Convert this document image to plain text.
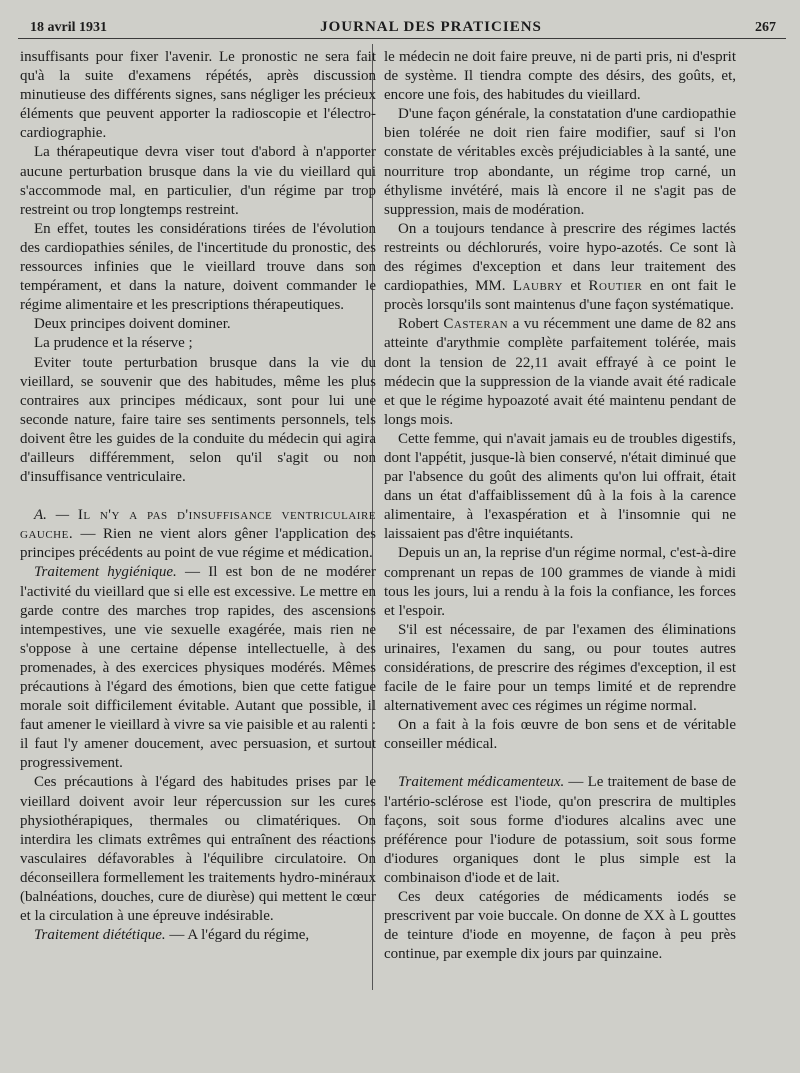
18 avril 1931	JOURNAL DES PRATICIENS	267

insuffisants pour fixer l'avenir. Le pronostic ne sera fait qu'à la suite d'examens répétés, après discussion minutieuse des différents signes, sans négliger les précieux éléments que peuvent apporter la radioscopie et l'électro-cardiographie.

La thérapeutique devra viser tout d'abord à n'apporter aucune perturbation brusque dans la vie du vieillard qui s'accommode mal, en particulier, d'un régime par trop restreint ou trop longtemps restreint.

En effet, toutes les considérations tirées de l'évolution des cardiopathies séniles, de l'incertitude du pronostic, des ressources infinies que le vieillard trouve dans son tempérament, et dans la nature, doivent commander le régime alimentaire et les prescriptions thérapeutiques.

Deux principes doivent dominer.

La prudence et la réserve ;

Eviter toute perturbation brusque dans la vie du vieillard, se souvenir que des habitudes, même les plus contraires aux principes médicaux, sont pour lui une seconde nature, faire taire ses sentiments personnels, tels doivent être les guides de la conduite du médecin qui agira d'ailleurs différemment, selon qu'il s'agit ou non d'insuffisance ventriculaire.

A. — Il n'y a pas d'insuffisance ventriculaire gauche. — Rien ne vient alors gêner l'application des principes précédents au point de vue régime et médication.

Traitement hygiénique. — Il est bon de ne modérer l'activité du vieillard que si elle est excessive. Le mettre en garde contre des marches trop rapides, des ascensions intempestives, une vie sexuelle exagérée, mais rien ne s'oppose à une certaine dépense intellectuelle, à des promenades, à des exercices physiques modérés. Mêmes précautions à l'égard des émotions, bien que cette fatigue morale soit difficilement évitable. Autant que possible, il faut amener le vieillard à vivre sa vie paisible et au ralenti : il faut l'y amener doucement, avec persuasion, et surtout progressivement.

Ces précautions à l'égard des habitudes prises par le vieillard doivent avoir leur répercussion sur les cures physiothérapiques, thermales ou climatériques. On interdira les climats extrêmes qui entraînent des réactions vasculaires défavorables à l'équilibre circulatoire. On déconseillera formellement les traitements hydro-minéraux (balnéations, douches, cure de diurèse) qui mettent le cœur et la circulation à une épreuve indésirable.

Traitement diététique. — A l'égard du régime,

le médecin ne doit faire preuve, ni de parti pris, ni d'esprit de système. Il tiendra compte des désirs, des goûts, et, encore une fois, des habitudes du vieillard.

D'une façon générale, la constatation d'une cardiopathie bien tolérée ne doit rien faire modifier, sauf si l'on constate de véritables excès préjudiciables à la santé, une nourriture trop abondante, un régime trop carné, un éthylisme invétéré, mais là encore il ne s'agit pas de suppression, mais de modération.

On a toujours tendance à prescrire des régimes lactés restreints ou déchlorurés, voire hypo-azotés. Ce sont là des régimes d'exception et dans leur traitement des cardiopathies, MM. Laubry et Routier en ont fait le procès lorsqu'ils sont maintenus d'une façon systématique.

Robert Casteran a vu récemment une dame de 82 ans atteinte d'arythmie complète parfaitement tolérée, mais dont la tension de 22,11 avait effrayé à ce point le médecin que la suppression de la viande avait été radicale et que le régime hypoazoté avait été maintenu pendant de longs mois.

Cette femme, qui n'avait jamais eu de troubles digestifs, dont l'appétit, jusque-là bien conservé, n'était diminué que par l'absence du goût des aliments qu'on lui offrait, était dans un état d'affaiblissement dû à la fois à la carence alimentaire, à l'exaspération et à l'insomnie qui ne laissaient pas d'être inquiétants.

Depuis un an, la reprise d'un régime normal, c'est-à-dire comprenant un repas de 100 grammes de viande à midi tous les jours, lui a rendu à la fois la confiance, les forces et l'espoir.

S'il est nécessaire, de par l'examen des éliminations urinaires, l'examen du sang, ou pour toutes autres considérations, de prescrire des régimes d'exception, il est facile de le faire pour un temps limité et de reprendre alternativement avec ces régimes un régime normal.

On a fait à la fois œuvre de bon sens et de véritable conseiller médical.

Traitement médicamenteux. — Le traitement de base de l'artério-sclérose est l'iode, qu'on prescrira de multiples façons, soit sous forme d'iodures alcalins avec une préférence pour l'iodure de potassium, soit sous forme d'iodures organiques dont le plus simple est la combinaison d'iode et de lait.

Ces deux catégories de médicaments iodés se prescrivent par voie buccale. On donne de XX à L gouttes de teinture d'iode en moyenne, de façon à peu près continue, par exemple dix jours par quinzaine.
